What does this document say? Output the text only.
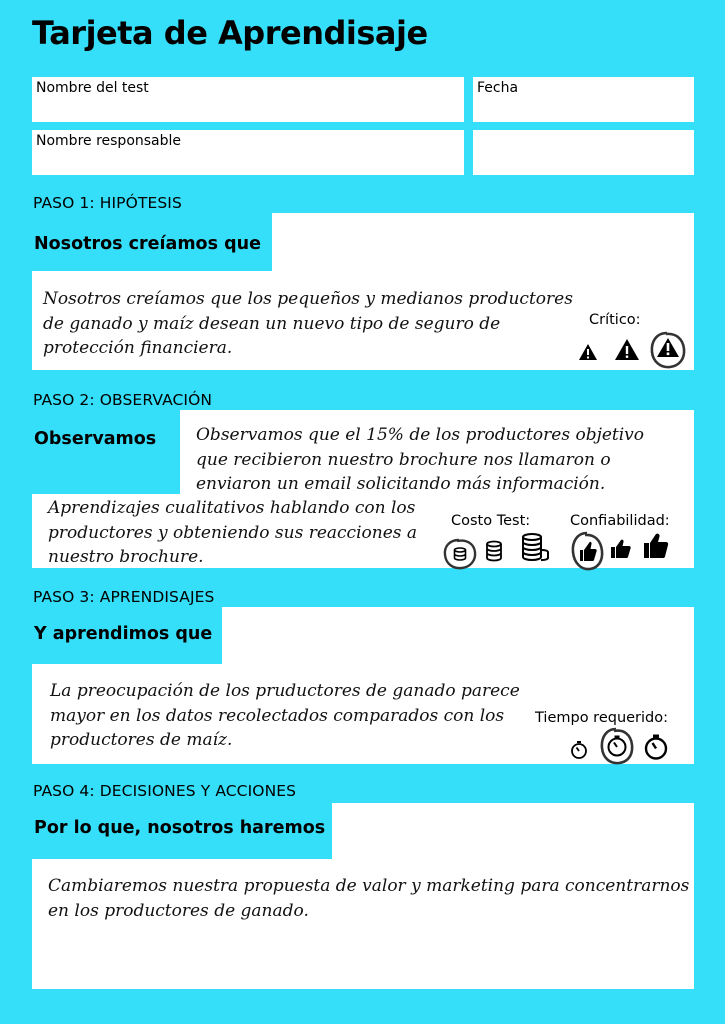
Tarjeta de Aprendisaje
Nombre del test	Fecha
Nombre responsable
PASO 1: HIPÓTESIS
Nosotros creíamos que
Nosotros creíamos que los pequeños y medianos productores de ganado y maíz desean un nuevo tipo de seguro de protección financiera.
Crítico:
PASO 2: OBSERVACIÓN
Observamos	Observamos que el 15% de los productores objetivo que recibieron nuestro brochure nos llamaron o enviaron un email solicitando más información.
Aprendizajes cualitativos hablando con los productores y obteniendo sus reacciones a nuestro brochure.
Costo Test:	Confiabilidad:
PASO 3: APRENDISAJES
Y aprendimos que
La preocupación de los pruductores de ganado parece mayor en los datos recolectados comparados con los productores de maíz.
Tiempo requerido:
PASO 4: DECISIONES Y ACCIONES
Por lo que, nosotros haremos
Cambiaremos nuestra propuesta de valor y marketing para concentrarnos en los productores de ganado.
